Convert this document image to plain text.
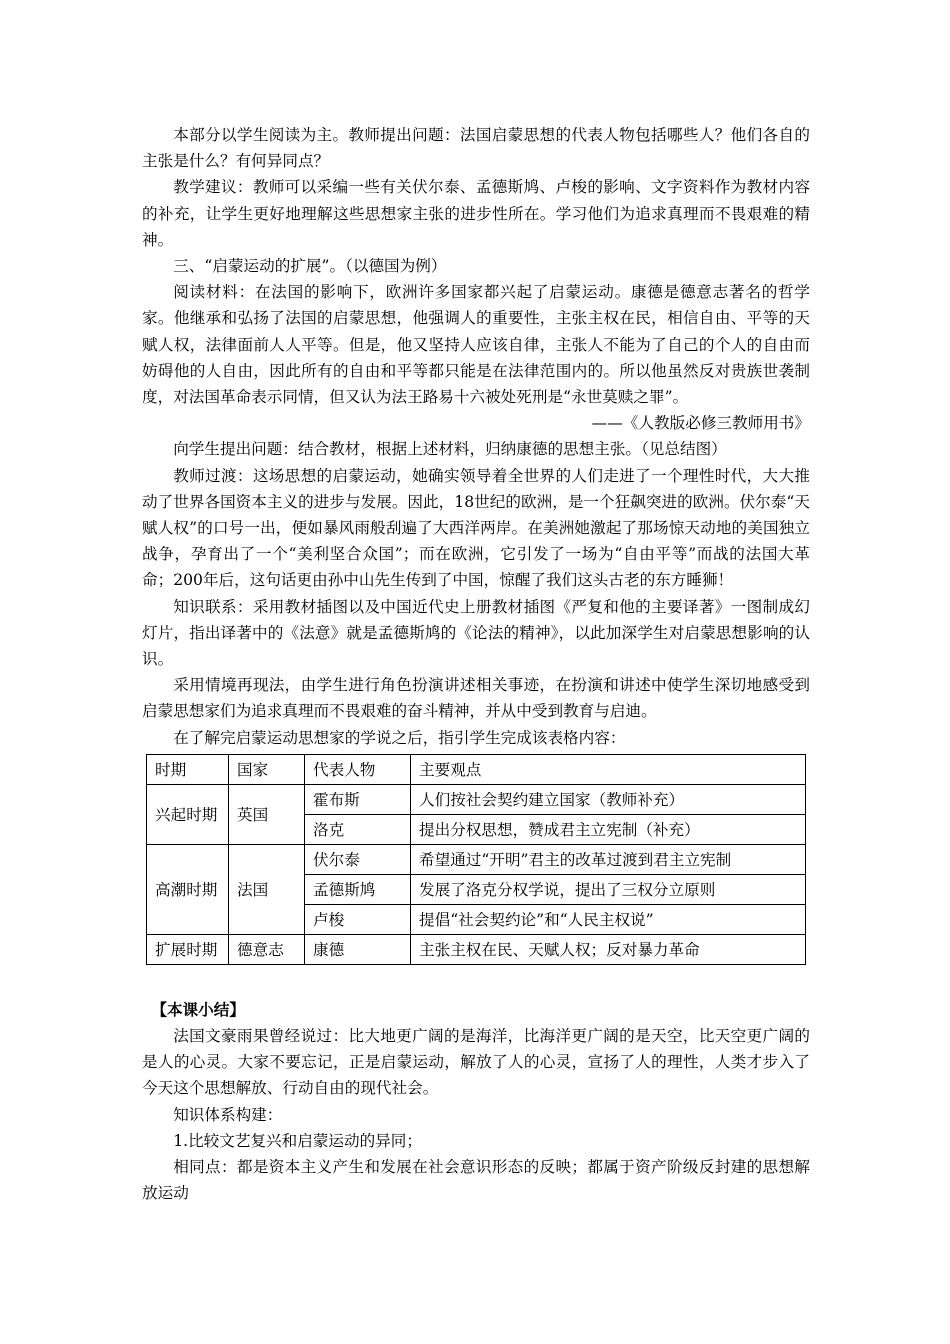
本部分以学生阅读为主。教师提出问题：法国启蒙思想的代表人物包括哪些人？他们各自的主张是什么？有何异同点？

教学建议：教师可以采编一些有关伏尔泰、孟德斯鸠、卢梭的影响、文字资料作为教材内容的补充，让学生更好地理解这些思想家主张的进步性所在。学习他们为追求真理而不畏艰难的精神。

三、“启蒙运动的扩展”。（以德国为例）

阅读材料：在法国的影响下，欧洲许多国家都兴起了启蒙运动。康德是德意志著名的哲学家。他继承和弘扬了法国的启蒙思想，他强调人的重要性，主张主权在民，相信自由、平等的天赋人权，法律面前人人平等。但是，他又坚持人应该自律，主张人不能为了自己的个人的自由而妨碍他的人自由，因此所有的自由和平等都只能是在法律范围内的。所以他虽然反对贵族世袭制度，对法国革命表示同情，但又认为法王路易十六被处死刑是“永世莫赎之罪”。

——《人教版必修三教师用书》

向学生提出问题：结合教材，根据上述材料，归纳康德的思想主张。（见总结图）

教师过渡：这场思想的启蒙运动，她确实领导着全世界的人们走进了一个理性时代，大大推动了世界各国资本主义的进步与发展。因此，18世纪的欧洲，是一个狂飙突进的欧洲。伏尔泰“天赋人权”的口号一出，便如暴风雨般刮遍了大西洋两岸。在美洲她激起了那场惊天动地的美国独立战争，孕育出了一个“美利坚合众国”；而在欧洲，它引发了一场为“自由平等”而战的法国大革命；200年后，这句话更由孙中山先生传到了中国，惊醒了我们这头古老的东方睡狮！

知识联系：采用教材插图以及中国近代史上册教材插图《严复和他的主要译著》一图制成幻灯片，指出译著中的《法意》就是孟德斯鸠的《论法的精神》，以此加深学生对启蒙思想影响的认识。

采用情境再现法，由学生进行角色扮演讲述相关事迹，在扮演和讲述中使学生深切地感受到启蒙思想家们为追求真理而不畏艰难的奋斗精神，并从中受到教育与启迪。

在了解完启蒙运动思想家的学说之后，指引学生完成该表格内容：

时期	国家	代表人物	主要观点
兴起时期	英国	霍布斯	人们按社会契约建立国家（教师补充）
		洛克	提出分权思想，赞成君主立宪制（补充）
高潮时期	法国	伏尔泰	希望通过“开明”君主的改革过渡到君主立宪制
		孟德斯鸠	发展了洛克分权学说，提出了三权分立原则
		卢梭	提倡“社会契约论”和“人民主权说”
扩展时期	德意志	康德	主张主权在民、天赋人权；反对暴力革命

【本课小结】

法国文豪雨果曾经说过：比大地更广阔的是海洋，比海洋更广阔的是天空，比天空更广阔的是人的心灵。大家不要忘记，正是启蒙运动，解放了人的心灵，宣扬了人的理性，人类才步入了今天这个思想解放、行动自由的现代社会。

知识体系构建：

1.比较文艺复兴和启蒙运动的异同；

相同点：都是资本主义产生和发展在社会意识形态的反映；都属于资产阶级反封建的思想解放运动
